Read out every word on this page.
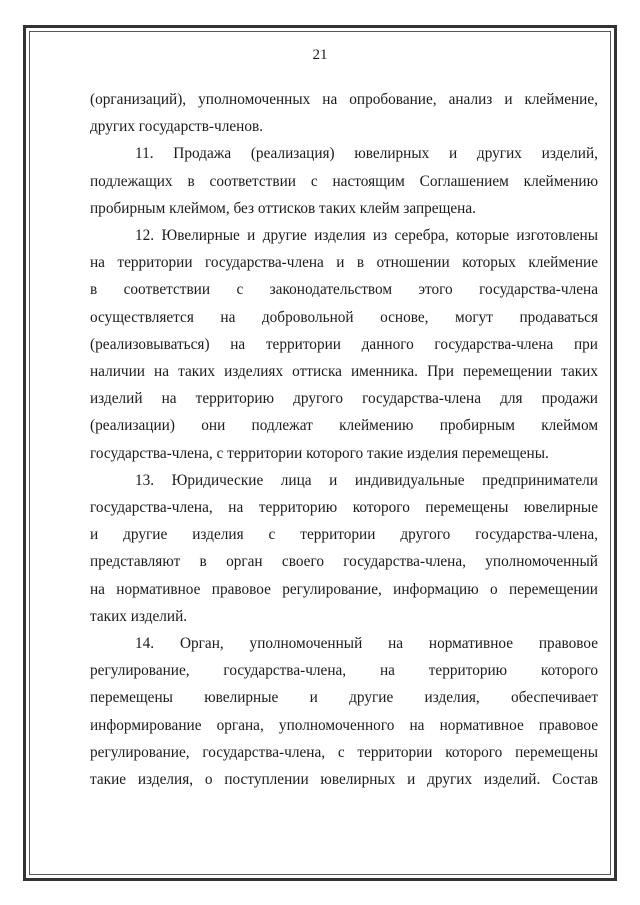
21

(организаций), уполномоченных на опробование, анализ и клеймение,
других государств-членов.

11. Продажа (реализация) ювелирных и других изделий,
подлежащих в соответствии с настоящим Соглашением клеймению
пробирным клеймом, без оттисков таких клейм запрещена.

12. Ювелирные и другие изделия из серебра, которые изготовлены
на территории государства-члена и в отношении которых клеймение
в соответствии с законодательством этого государства-члена
осуществляется на добровольной основе, могут продаваться
(реализовываться) на территории данного государства-члена при
наличии на таких изделиях оттиска именника. При перемещении таких
изделий на территорию другого государства-члена для продажи
(реализации) они подлежат клеймению пробирным клеймом
государства-члена, с территории которого такие изделия перемещены.

13. Юридические лица и индивидуальные предприниматели
государства-члена, на территорию которого перемещены ювелирные
и другие изделия с территории другого государства-члена,
представляют в орган своего государства-члена, уполномоченный
на нормативное правовое регулирование, информацию о перемещении
таких изделий.

14. Орган, уполномоченный на нормативное правовое
регулирование, государства-члена, на территорию которого
перемещены ювелирные и другие изделия, обеспечивает
информирование органа, уполномоченного на нормативное правовое
регулирование, государства-члена, с территории которого перемещены
такие изделия, о поступлении ювелирных и других изделий. Состав
